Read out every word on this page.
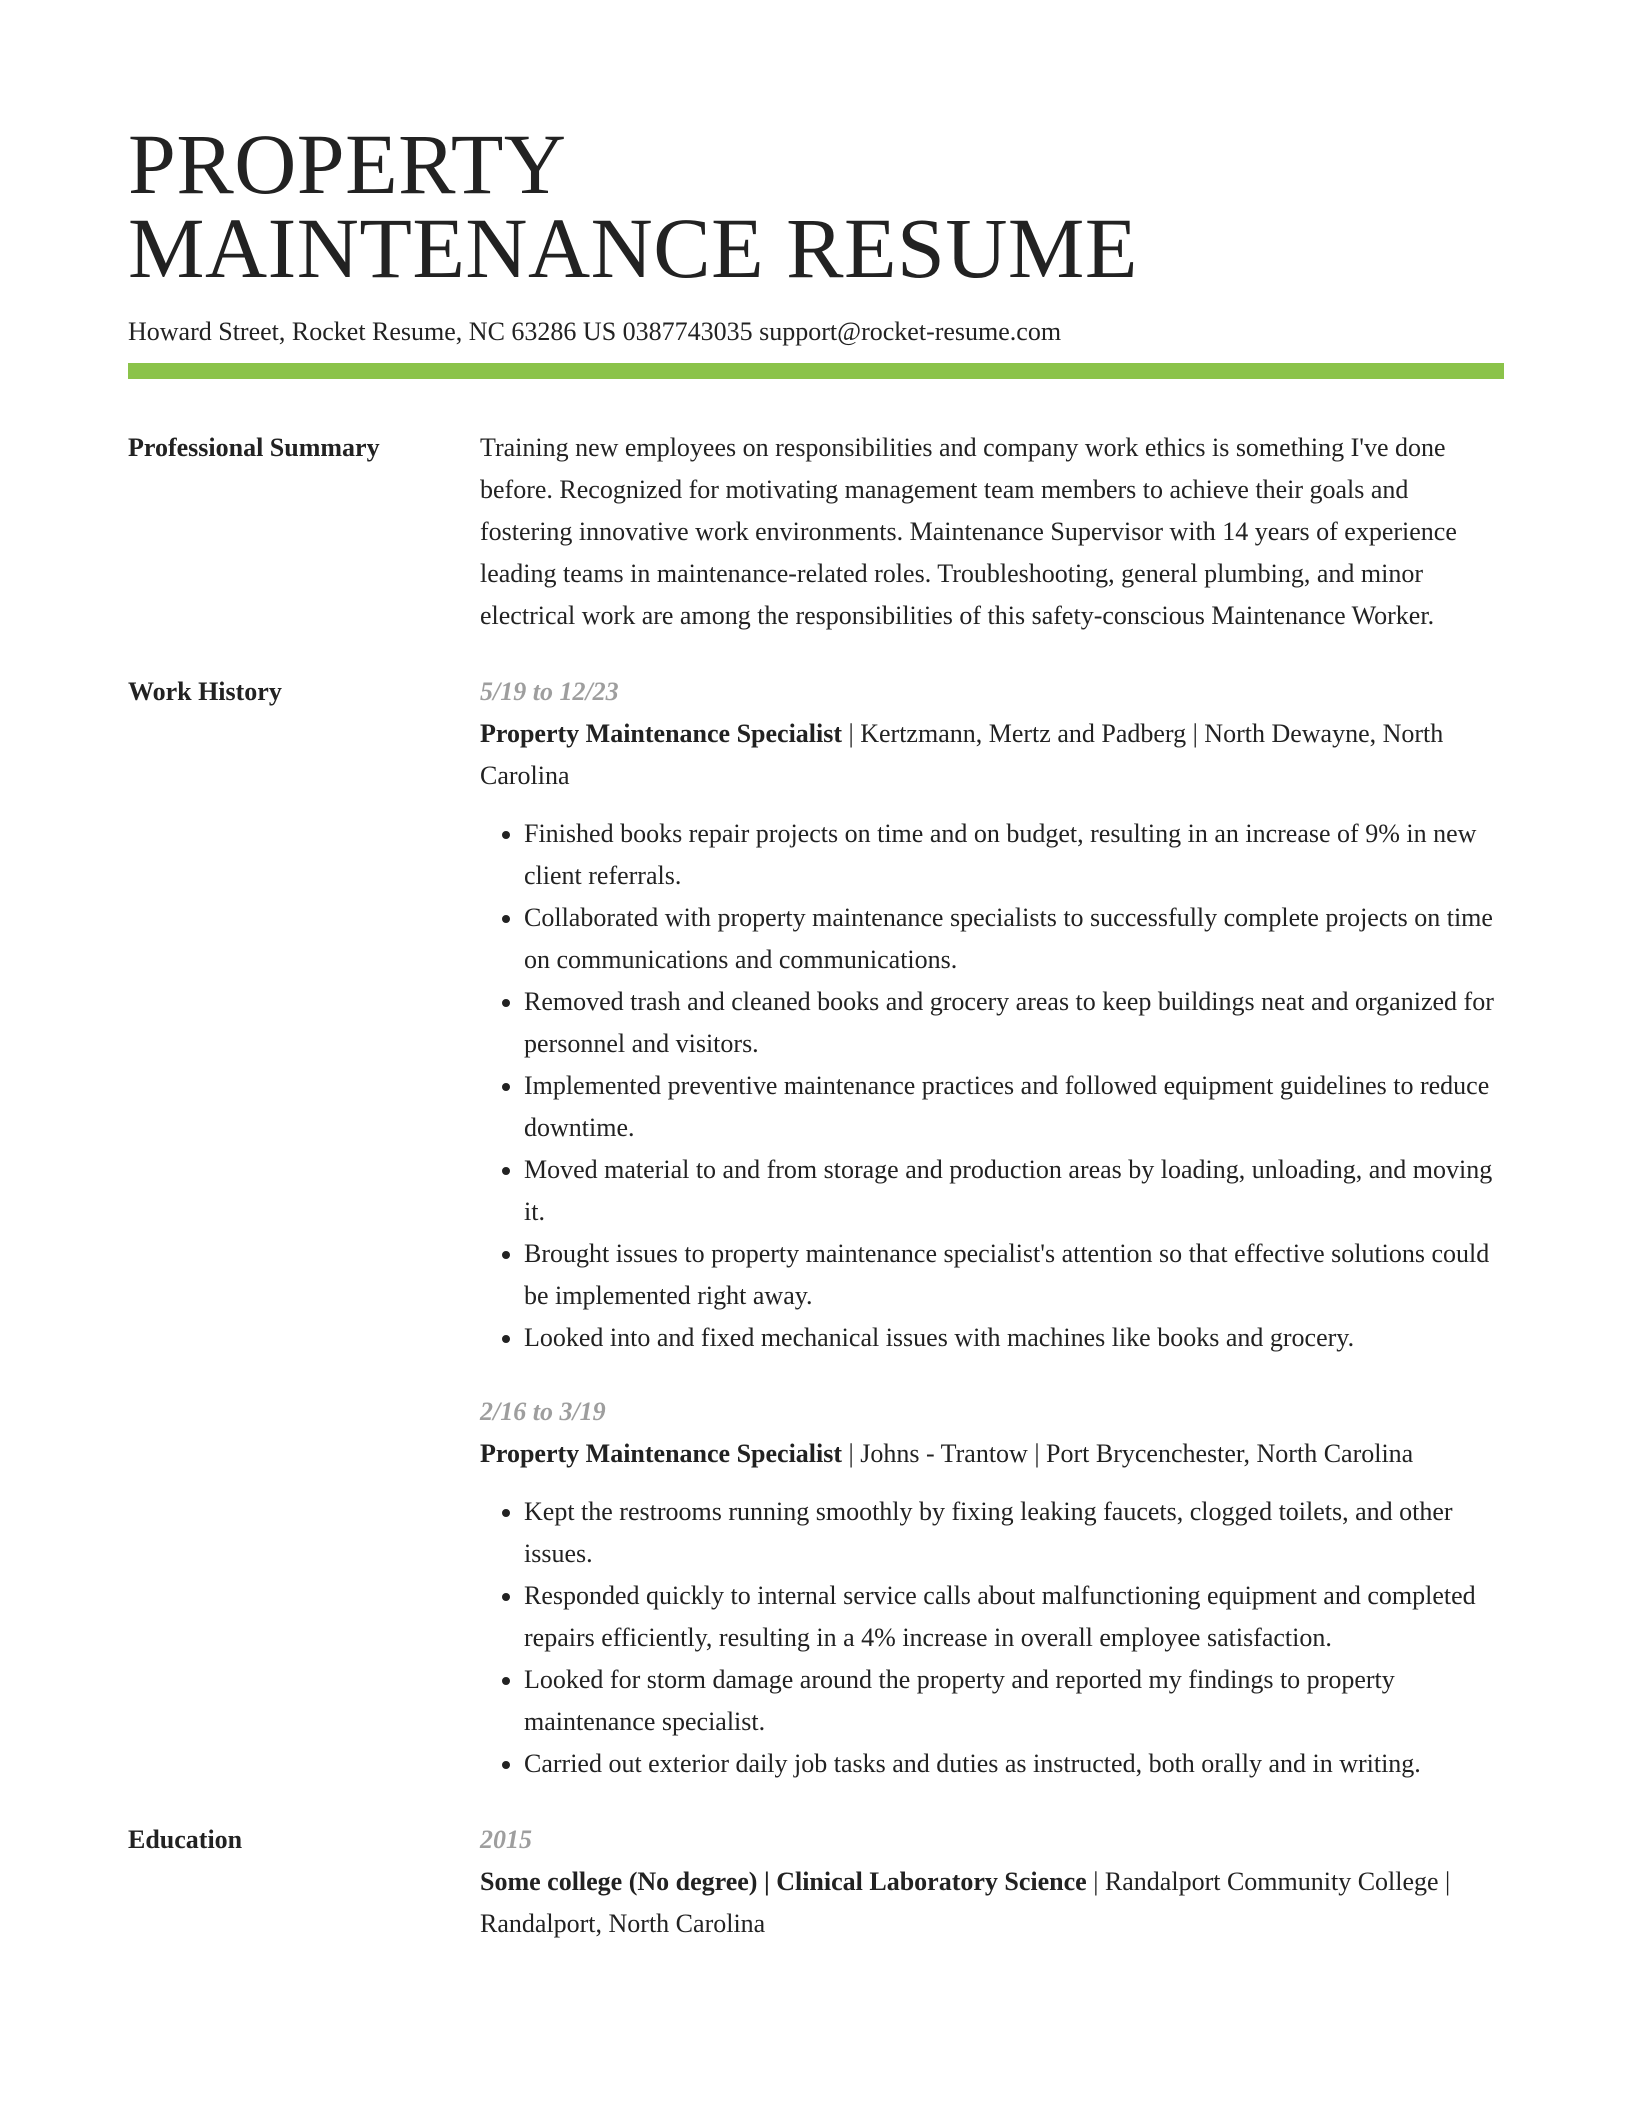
PROPERTY
MAINTENANCE RESUME
Howard Street, Rocket Resume, NC 63286 US 0387743035 support@rocket-resume.com
Professional Summary	Training new employees on responsibilities and company work ethics is something I've done before. Recognized for motivating management team members to achieve their goals and fostering innovative work environments. Maintenance Supervisor with 14 years of experience leading teams in maintenance-related roles. Troubleshooting, general plumbing, and minor electrical work are among the responsibilities of this safety-conscious Maintenance Worker.
Work History	5/19 to 12/23
Property Maintenance Specialist | Kertzmann, Mertz and Padberg | North Dewayne, North Carolina
• Finished books repair projects on time and on budget, resulting in an increase of 9% in new client referrals.
• Collaborated with property maintenance specialists to successfully complete projects on time on communications and communications.
• Removed trash and cleaned books and grocery areas to keep buildings neat and organized for personnel and visitors.
• Implemented preventive maintenance practices and followed equipment guidelines to reduce downtime.
• Moved material to and from storage and production areas by loading, unloading, and moving it.
• Brought issues to property maintenance specialist's attention so that effective solutions could be implemented right away.
• Looked into and fixed mechanical issues with machines like books and grocery.
2/16 to 3/19
Property Maintenance Specialist | Johns - Trantow | Port Brycenchester, North Carolina
• Kept the restrooms running smoothly by fixing leaking faucets, clogged toilets, and other issues.
• Responded quickly to internal service calls about malfunctioning equipment and completed repairs efficiently, resulting in a 4% increase in overall employee satisfaction.
• Looked for storm damage around the property and reported my findings to property maintenance specialist.
• Carried out exterior daily job tasks and duties as instructed, both orally and in writing.
Education	2015
Some college (No degree) | Clinical Laboratory Science | Randalport Community College | Randalport, North Carolina
